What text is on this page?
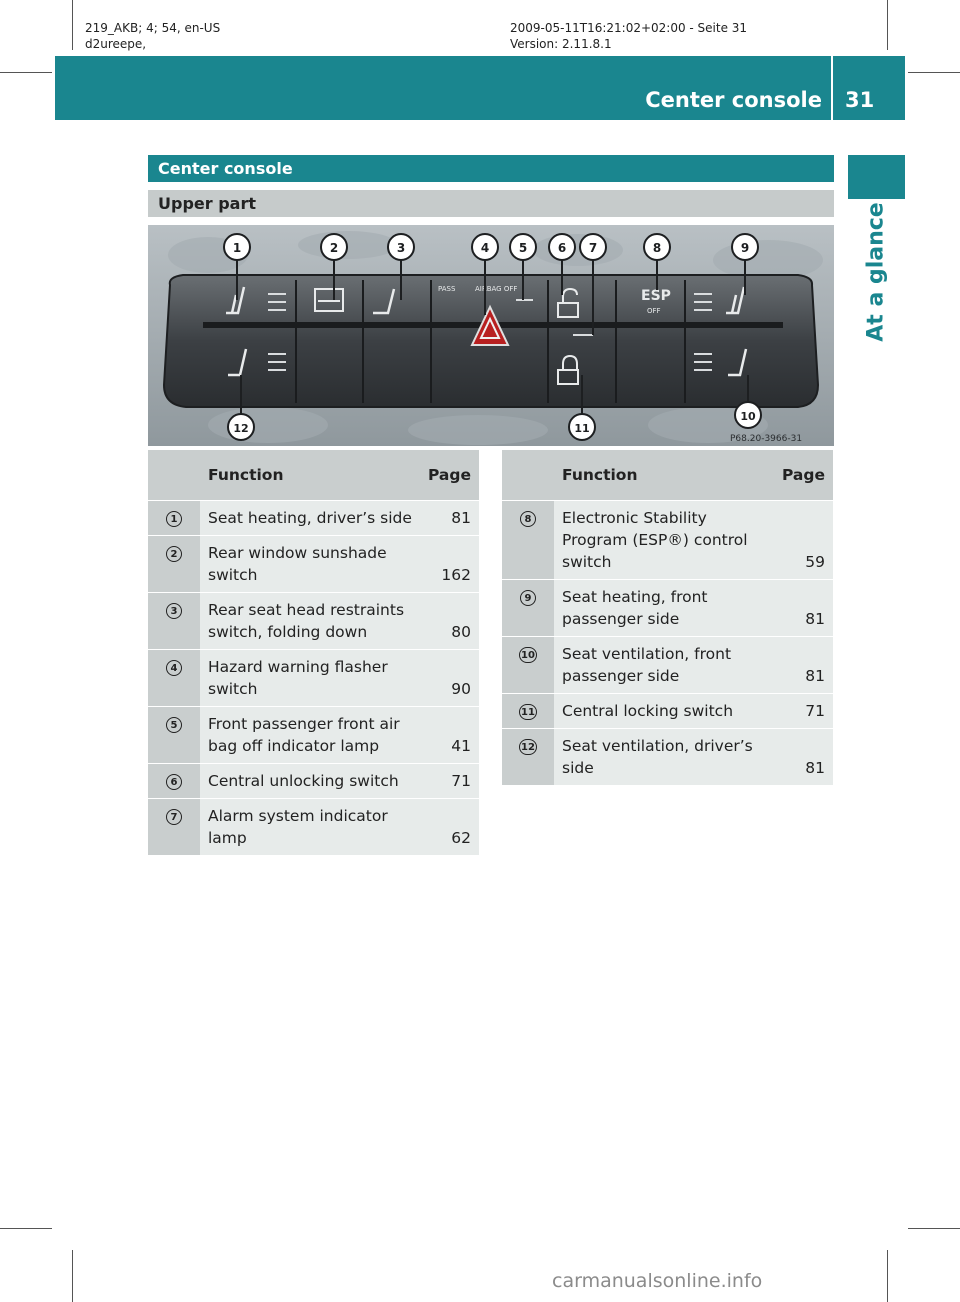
219_AKB; 4; 54, en-US
d2ureepe,
2009-05-11T16:21:02+02:00 - Seite 31
Version: 2.11.8.1
Center console 31
At a glance
Center console
Upper part
PASS	AIRBAG OFF	ESP
OFF
1	2	3	4 5	6 7	8	9
12	11
10
P68.20-3966-31
	Function	Page
1	Seat heating, driver’s side	81
2	Rear window sunshade
switch	162
3	Rear seat head restraints
switch, folding down	80
4	Hazard warning flasher
switch	90
5	Front passenger front air
bag off indicator lamp	41
6	Central unlocking switch	71
7	Alarm system indicator
lamp	62
	Function	Page
8	Electronic Stability
Program (ESP®) control
switch	59
9	Seat heating, front
passenger side	81
10	Seat ventilation, front
passenger side	81
11	Central locking switch	71
12	Seat ventilation, driver’s
side	81
carmanualsonline.info
